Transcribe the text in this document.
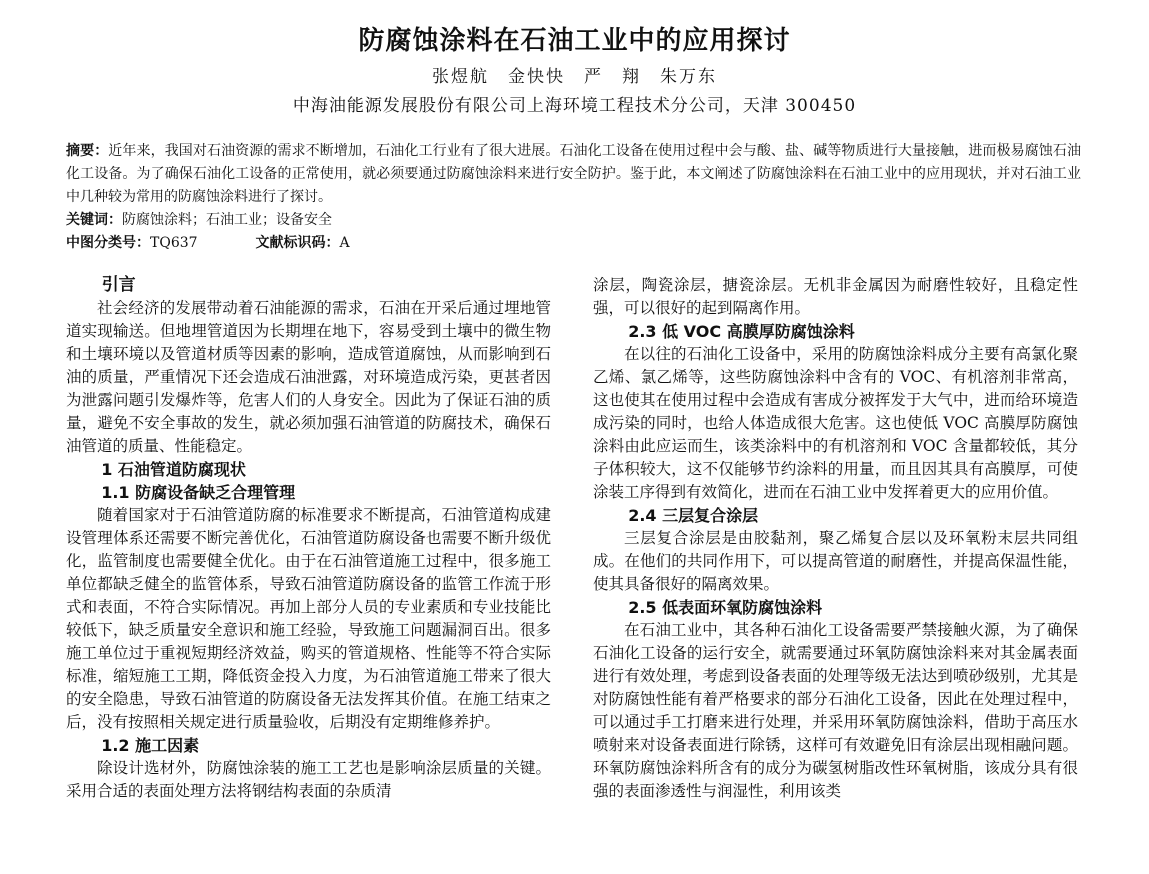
防腐蚀涂料在石油工业中的应用探讨
张煜航　金快快　严　翔　朱万东
中海油能源发展股份有限公司上海环境工程技术分公司，天津 300450

摘要：近年来，我国对石油资源的需求不断增加，石油化工行业有了很大进展。石油化工设备在使用过程中会与酸、盐、碱等物质进行大量接触，进而极易腐蚀石油化工设备。为了确保石油化工设备的正常使用，就必须要通过防腐蚀涂料来进行安全防护。鉴于此，本文阐述了防腐蚀涂料在石油工业中的应用现状，并对石油工业中几种较为常用的防腐蚀涂料进行了探讨。

关键词：防腐蚀涂料；石油工业；设备安全

中图分类号：TQ637	文献标识码：A

引言

社会经济的发展带动着石油能源的需求，石油在开采后通过埋地管道实现输送。但地埋管道因为长期埋在地下，容易受到土壤中的微生物和土壤环境以及管道材质等因素的影响，造成管道腐蚀，从而影响到石油的质量，严重情况下还会造成石油泄露，对环境造成污染，更甚者因为泄露问题引发爆炸等，危害人们的人身安全。因此为了保证石油的质量，避免不安全事故的发生，就必须加强石油管道的防腐技术，确保石油管道的质量、性能稳定。

1 石油管道防腐现状
1.1 防腐设备缺乏合理管理

随着国家对于石油管道防腐的标准要求不断提高，石油管道构成建设管理体系还需要不断完善优化，石油管道防腐设备也需要不断升级优化，监管制度也需要健全优化。由于在石油管道施工过程中，很多施工单位都缺乏健全的监管体系，导致石油管道防腐设备的监管工作流于形式和表面，不符合实际情况。再加上部分人员的专业素质和专业技能比较低下，缺乏质量安全意识和施工经验，导致施工问题漏洞百出。很多施工单位过于重视短期经济效益，购买的管道规格、性能等不符合实际标准，缩短施工工期，降低资金投入力度，为石油管道施工带来了很大的安全隐患，导致石油管道的防腐设备无法发挥其价值。在施工结束之后，没有按照相关规定进行质量验收，后期没有定期维修养护。

1.2 施工因素

除设计选材外，防腐蚀涂装的施工工艺也是影响涂层质量的关键。采用合适的表面处理方法将钢结构表面的杂质清

涂层，陶瓷涂层，搪瓷涂层。无机非金属因为耐磨性较好，且稳定性强，可以很好的起到隔离作用。

2.3 低 VOC 高膜厚防腐蚀涂料

在以往的石油化工设备中，采用的防腐蚀涂料成分主要有高氯化聚乙烯、氯乙烯等，这些防腐蚀涂料中含有的 VOC、有机溶剂非常高，这也使其在使用过程中会造成有害成分被挥发于大气中，进而给环境造成污染的同时，也给人体造成很大危害。这也使低 VOC 高膜厚防腐蚀涂料由此应运而生，该类涂料中的有机溶剂和 VOC 含量都较低，其分子体积较大，这不仅能够节约涂料的用量，而且因其具有高膜厚，可使涂装工序得到有效简化，进而在石油工业中发挥着更大的应用价值。

2.4 三层复合涂层

三层复合涂层是由胶黏剂，聚乙烯复合层以及环氧粉末层共同组成。在他们的共同作用下，可以提高管道的耐磨性，并提高保温性能，使其具备很好的隔离效果。

2.5 低表面环氧防腐蚀涂料

在石油工业中，其各种石油化工设备需要严禁接触火源，为了确保石油化工设备的运行安全，就需要通过环氧防腐蚀涂料来对其金属表面进行有效处理，考虑到设备表面的处理等级无法达到喷砂级别，尤其是对防腐蚀性能有着严格要求的部分石油化工设备，因此在处理过程中，可以通过手工打磨来进行处理，并采用环氧防腐蚀涂料，借助于高压水喷射来对设备表面进行除锈，这样可有效避免旧有涂层出现相融问题。环氧防腐蚀涂料所含有的成分为碳氢树脂改性环氧树脂，该成分具有很强的表面渗透性与润湿性，利用该类
